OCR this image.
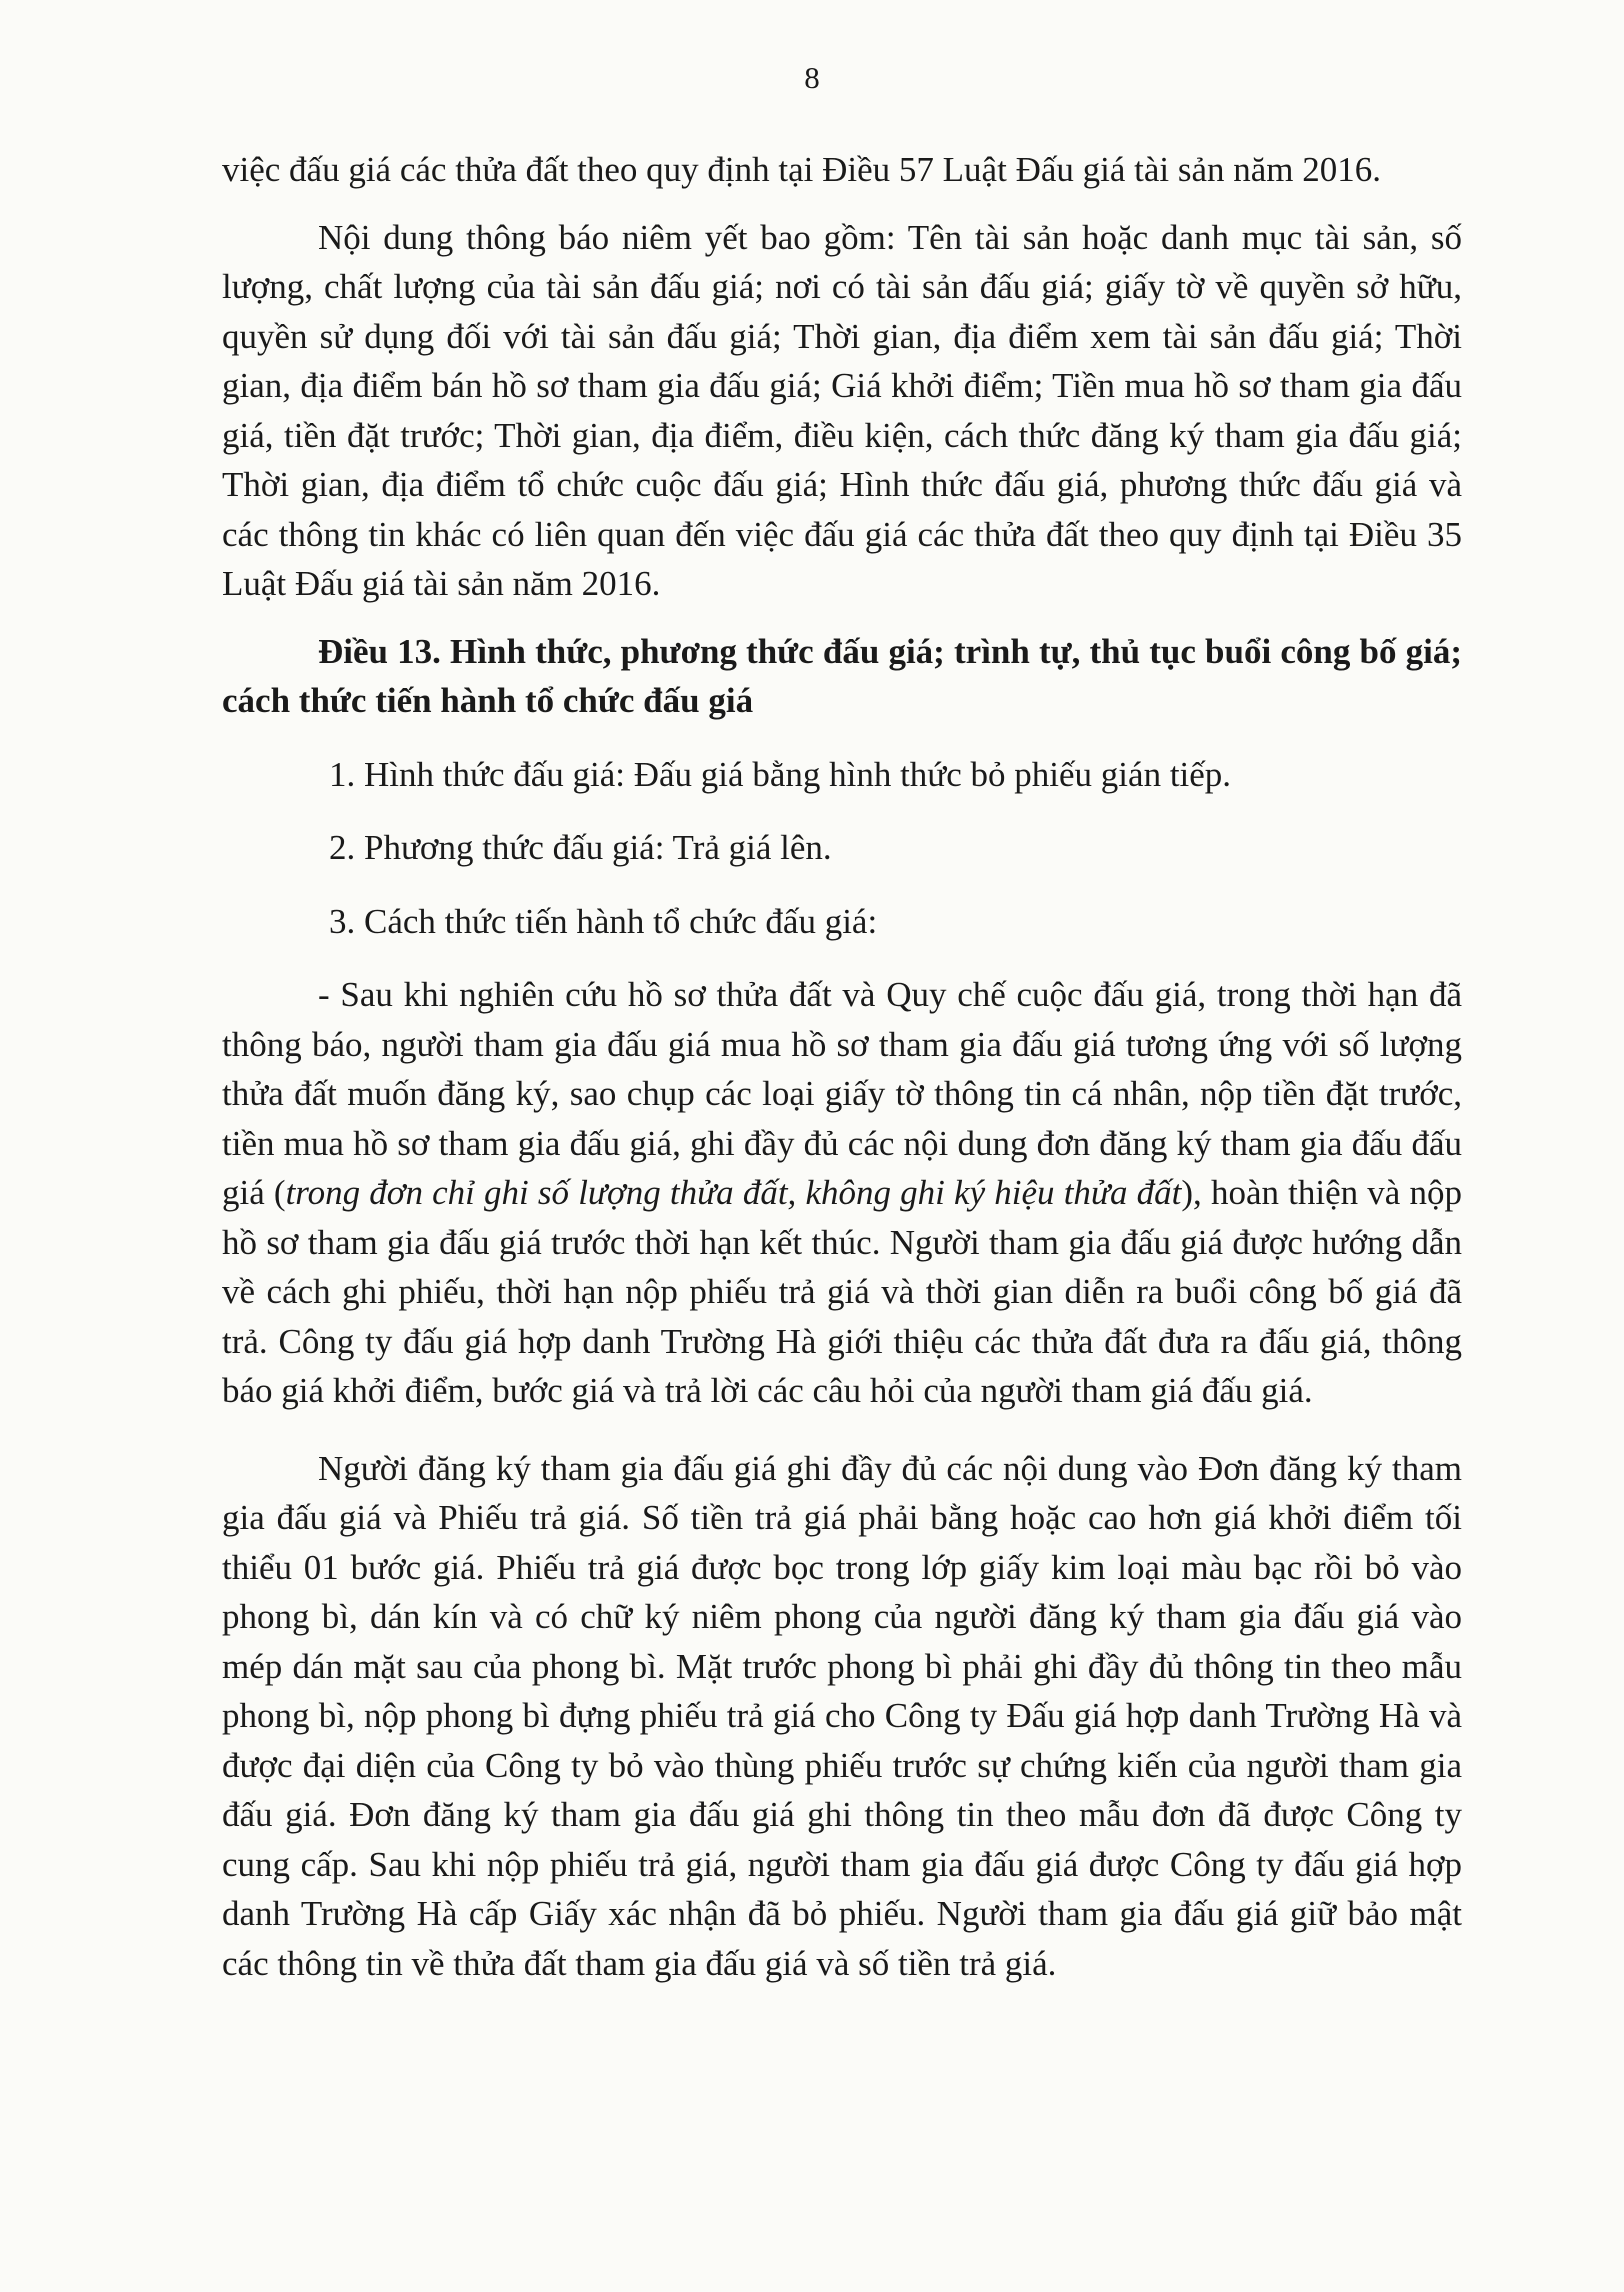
8

việc đấu giá các thửa đất theo quy định tại Điều 57 Luật Đấu giá tài sản năm 2016.

Nội dung thông báo niêm yết bao gồm: Tên tài sản hoặc danh mục tài sản, số lượng, chất lượng của tài sản đấu giá; nơi có tài sản đấu giá; giấy tờ về quyền sở hữu, quyền sử dụng đối với tài sản đấu giá; Thời gian, địa điểm xem tài sản đấu giá; Thời gian, địa điểm bán hồ sơ tham gia đấu giá; Giá khởi điểm; Tiền mua hồ sơ tham gia đấu giá, tiền đặt trước; Thời gian, địa điểm, điều kiện, cách thức đăng ký tham gia đấu giá; Thời gian, địa điểm tổ chức cuộc đấu giá; Hình thức đấu giá, phương thức đấu giá và các thông tin khác có liên quan đến việc đấu giá các thửa đất theo quy định tại Điều 35 Luật Đấu giá tài sản năm 2016.

Điều 13. Hình thức, phương thức đấu giá; trình tự, thủ tục buổi công bố giá; cách thức tiến hành tổ chức đấu giá

1. Hình thức đấu giá: Đấu giá bằng hình thức bỏ phiếu gián tiếp.

2. Phương thức đấu giá: Trả giá lên.

3. Cách thức tiến hành tổ chức đấu giá:

- Sau khi nghiên cứu hồ sơ thửa đất và Quy chế cuộc đấu giá, trong thời hạn đã thông báo, người tham gia đấu giá mua hồ sơ tham gia đấu giá tương ứng với số lượng thửa đất muốn đăng ký, sao chụp các loại giấy tờ thông tin cá nhân, nộp tiền đặt trước, tiền mua hồ sơ tham gia đấu giá, ghi đầy đủ các nội dung đơn đăng ký tham gia đấu đấu giá (trong đơn chỉ ghi số lượng thửa đất, không ghi ký hiệu thửa đất), hoàn thiện và nộp hồ sơ tham gia đấu giá trước thời hạn kết thúc. Người tham gia đấu giá được hướng dẫn về cách ghi phiếu, thời hạn nộp phiếu trả giá và thời gian diễn ra buổi công bố giá đã trả. Công ty đấu giá hợp danh Trường Hà giới thiệu các thửa đất đưa ra đấu giá, thông báo giá khởi điểm, bước giá và trả lời các câu hỏi của người tham giá đấu giá.

Người đăng ký tham gia đấu giá ghi đầy đủ các nội dung vào Đơn đăng ký tham gia đấu giá và Phiếu trả giá. Số tiền trả giá phải bằng hoặc cao hơn giá khởi điểm tối thiểu 01 bước giá. Phiếu trả giá được bọc trong lớp giấy kim loại màu bạc rồi bỏ vào phong bì, dán kín và có chữ ký niêm phong của người đăng ký tham gia đấu giá vào mép dán mặt sau của phong bì. Mặt trước phong bì phải ghi đầy đủ thông tin theo mẫu phong bì, nộp phong bì đựng phiếu trả giá cho Công ty Đấu giá hợp danh Trường Hà và được đại diện của Công ty bỏ vào thùng phiếu trước sự chứng kiến của người tham gia đấu giá. Đơn đăng ký tham gia đấu giá ghi thông tin theo mẫu đơn đã được Công ty cung cấp. Sau khi nộp phiếu trả giá, người tham gia đấu giá được Công ty đấu giá hợp danh Trường Hà cấp Giấy xác nhận đã bỏ phiếu. Người tham gia đấu giá giữ bảo mật các thông tin về thửa đất tham gia đấu giá và số tiền trả giá.
